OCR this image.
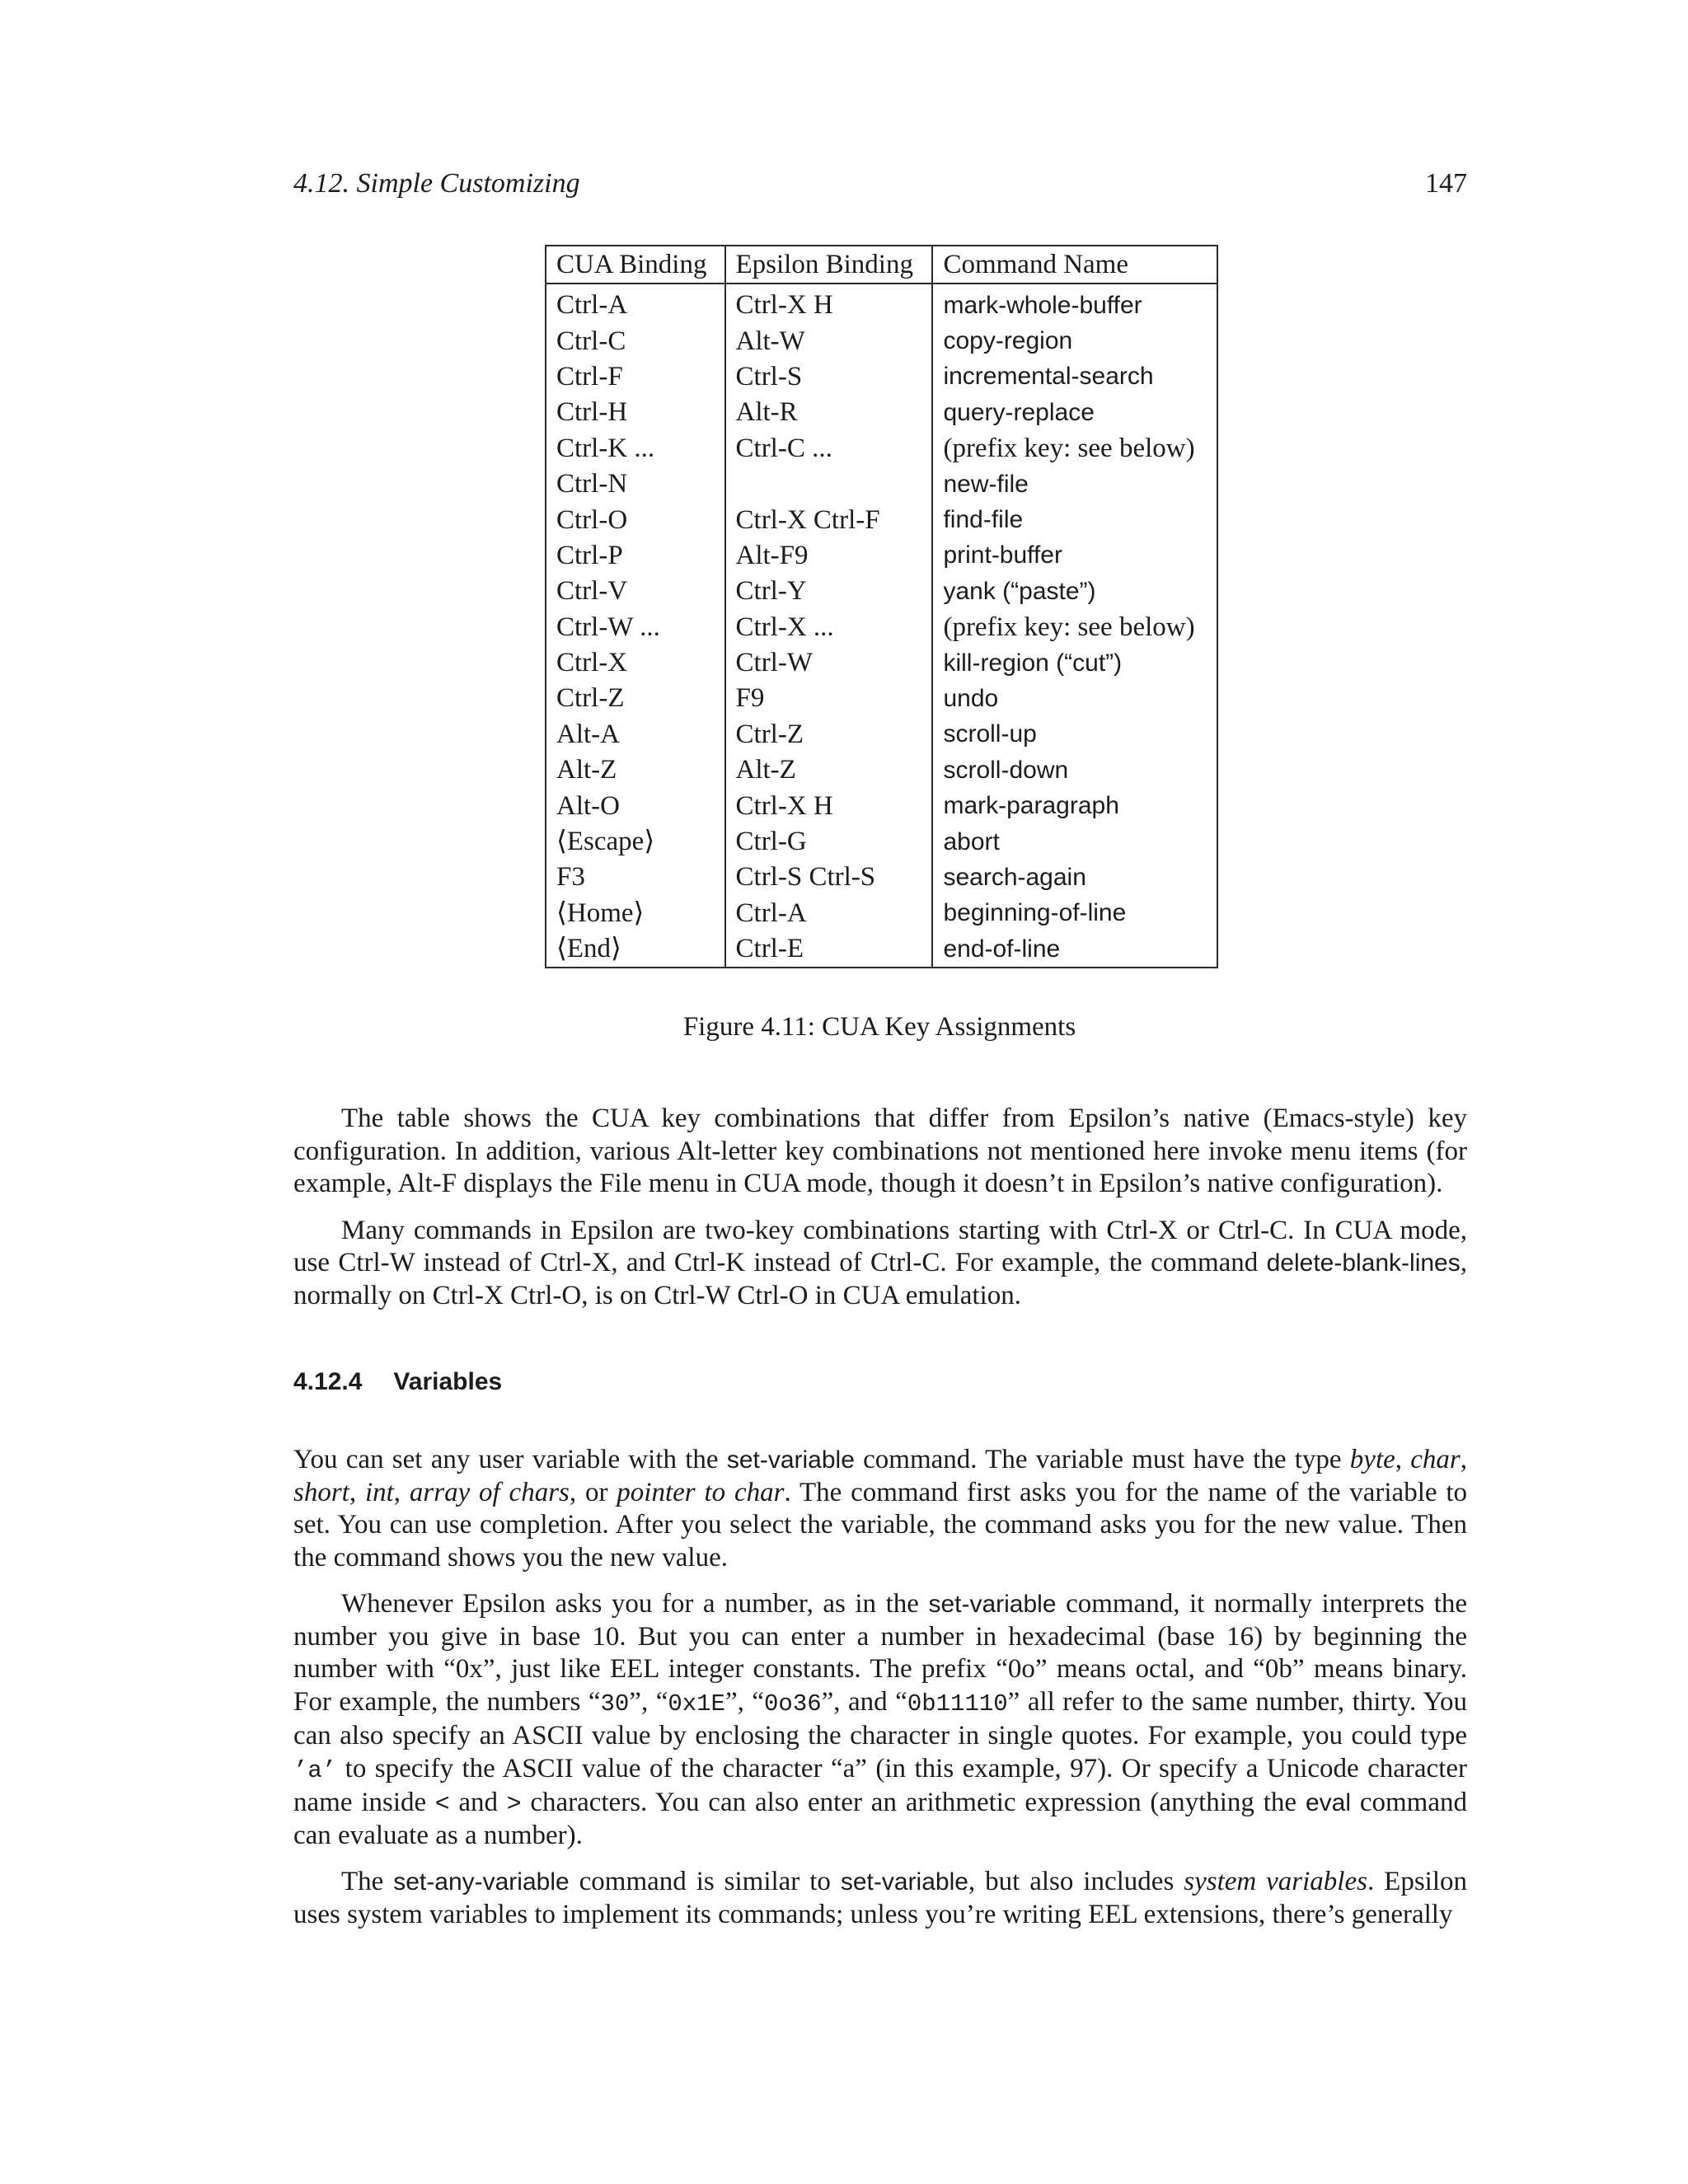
4.12. Simple Customizing	147
CUA Binding	Epsilon Binding	Command Name
Ctrl-A	Ctrl-X H	mark-whole-buffer
Ctrl-C	Alt-W	copy-region
Ctrl-F	Ctrl-S	incremental-search
Ctrl-H	Alt-R	query-replace
Ctrl-K ...	Ctrl-C ...	(prefix key: see below)
Ctrl-N		new-file
Ctrl-O	Ctrl-X Ctrl-F	find-file
Ctrl-P	Alt-F9	print-buffer
Ctrl-V	Ctrl-Y	yank (“paste”)
Ctrl-W ...	Ctrl-X ...	(prefix key: see below)
Ctrl-X	Ctrl-W	kill-region (“cut”)
Ctrl-Z	F9	undo
Alt-A	Ctrl-Z	scroll-up
Alt-Z	Alt-Z	scroll-down
Alt-O	Ctrl-X H	mark-paragraph
⟨Escape⟩	Ctrl-G	abort
F3	Ctrl-S Ctrl-S	search-again
⟨Home⟩	Ctrl-A	beginning-of-line
⟨End⟩	Ctrl-E	end-of-line
Figure 4.11: CUA Key Assignments

The table shows the CUA key combinations that differ from Epsilon’s native (Emacs-style) key configuration. In addition, various Alt-letter key combinations not mentioned here invoke menu items (for example, Alt-F displays the File menu in CUA mode, though it doesn’t in Epsilon’s native configuration).

Many commands in Epsilon are two-key combinations starting with Ctrl-X or Ctrl-C. In CUA mode, use Ctrl-W instead of Ctrl-X, and Ctrl-K instead of Ctrl-C. For example, the command delete-blank-lines, normally on Ctrl-X Ctrl-O, is on Ctrl-W Ctrl-O in CUA emulation.

4.12.4 Variables

You can set any user variable with the set-variable command. The variable must have the type byte, char, short, int, array of chars, or pointer to char. The command first asks you for the name of the variable to set. You can use completion. After you select the variable, the command asks you for the new value. Then the command shows you the new value.

Whenever Epsilon asks you for a number, as in the set-variable command, it normally interprets the number you give in base 10. But you can enter a number in hexadecimal (base 16) by beginning the number with “0x”, just like EEL integer constants. The prefix “0o” means octal, and “0b” means binary. For example, the numbers “30”, “0x1E”, “0o36”, and “0b11110” all refer to the same number, thirty. You can also specify an ASCII value by enclosing the character in single quotes. For example, you could type ’a’ to specify the ASCII value of the character “a” (in this example, 97). Or specify a Unicode character name inside < and > characters. You can also enter an arithmetic expression (anything the eval command can evaluate as a number).

The set-any-variable command is similar to set-variable, but also includes system variables. Epsilon uses system variables to implement its commands; unless you’re writing EEL extensions, there’s generally
